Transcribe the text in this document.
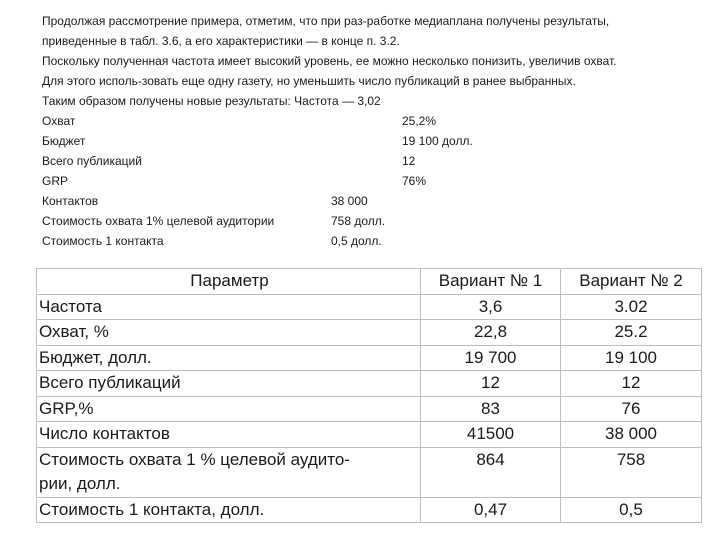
Продолжая рассмотрение примера, отметим, что при раз-работке медиаплана получены результаты,
приведенные в табл. 3.6, а его характеристики — в конце п. 3.2.
Поскольку полученная частота имеет высокий уровень, ее можно несколько понизить, увеличив охват.
Для этого исполь-зовать еще одну газету, но уменьшить число публикаций в ранее выбранных.
Таким образом получены новые результаты: Частота — 3,02
Охват	25,2%
Бюджет	19 100 долл.
Всего публикаций	12
GRP	76%
Контактов	38 000
Стоимость охвата 1% целевой аудитории	758 долл.
Стоимость 1 контакта	0,5 долл.
Параметр	Вариант № 1	Вариант № 2
Частота	3,6	3.02
Охват, %	22,8	25.2
Бюджет, долл.	19 700	19 100
Всего публикаций	12	12
GRP,%	83	76
Число контактов	41500	38 000

Стоимость охвата 1 % целевой аудито-
рии, долл.	864	758
Стоимость 1 контакта, долл.	0,47	0,5
